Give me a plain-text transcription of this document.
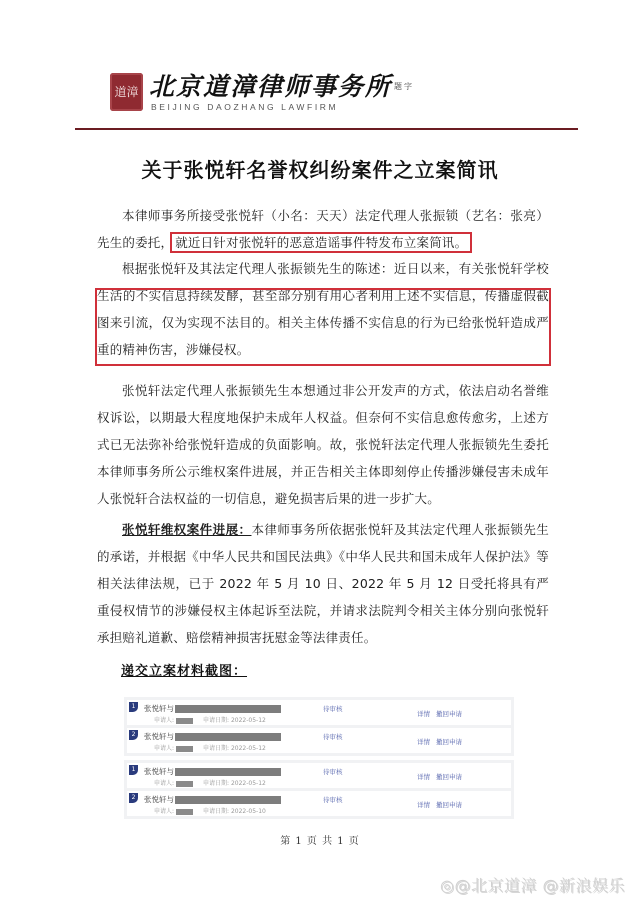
道漳 北京道漳律师事务所 $^{题字}$
BEIJING DAOZHANG LAWFIRM
关于张悦轩名誉权纠纷案件之立案简讯
本律师事务所接受张悦轩（小名：天天）法定代理人张振锁（艺名：张亮）先生的委托， 就近日针对张悦轩的恶意造谣事件特发布立案简讯。
根据张悦轩及其法定代理人张振锁先生的陈述：近日以来，有关张悦轩学校生活的不实信息持续发酵，甚至部分别有用心者利用上述不实信息，传播虚假截图来引流，仅为实现不法目的。相关主体传播不实信息的行为已给张悦轩造成严重的精神伤害，涉嫌侵权。
张悦轩法定代理人张振锁先生本想通过非公开发声的方式，依法启动名誉维权诉讼，以期最大程度地保护未成年人权益。但奈何不实信息愈传愈劣，上述方式已无法弥补给张悦轩造成的负面影响。故，张悦轩法定代理人张振锁先生委托本律师事务所公示维权案件进展，并正告相关主体即刻停止传播涉嫌侵害未成年人张悦轩合法权益的一切信息，避免损害后果的进一步扩大。
张悦轩维权案件进展：本律师事务所依据张悦轩及其法定代理人张振锁先生的承诺，并根据《中华人民共和国民法典》《中华人民共和国未成年人保护法》等相关法律法规，已于 2022 年 5 月 10 日、2022 年 5 月 12 日受托将具有严重侵权情节的涉嫌侵权主体起诉至法院，并请求法院判令相关主体分别向张悦轩承担赔礼道歉、赔偿精神损害抚慰金等法律责任。
递交立案材料截图：
1	张悦轩与
申请人:	申请日期: 2022-05-12
待审核
详情 撤回申请
2	张悦轩与
申请人:	申请日期: 2022-05-12
待审核
详情 撤回申请
1	张悦轩与
申请人:	申请日期: 2022-05-12
待审核
详情 撤回申请
2	张悦轩与
申请人:	申请日期: 2022-05-10
待审核
详情 撤回申请
第 1 页 共 1 页
◎@北京道漳 @新浪娱乐
